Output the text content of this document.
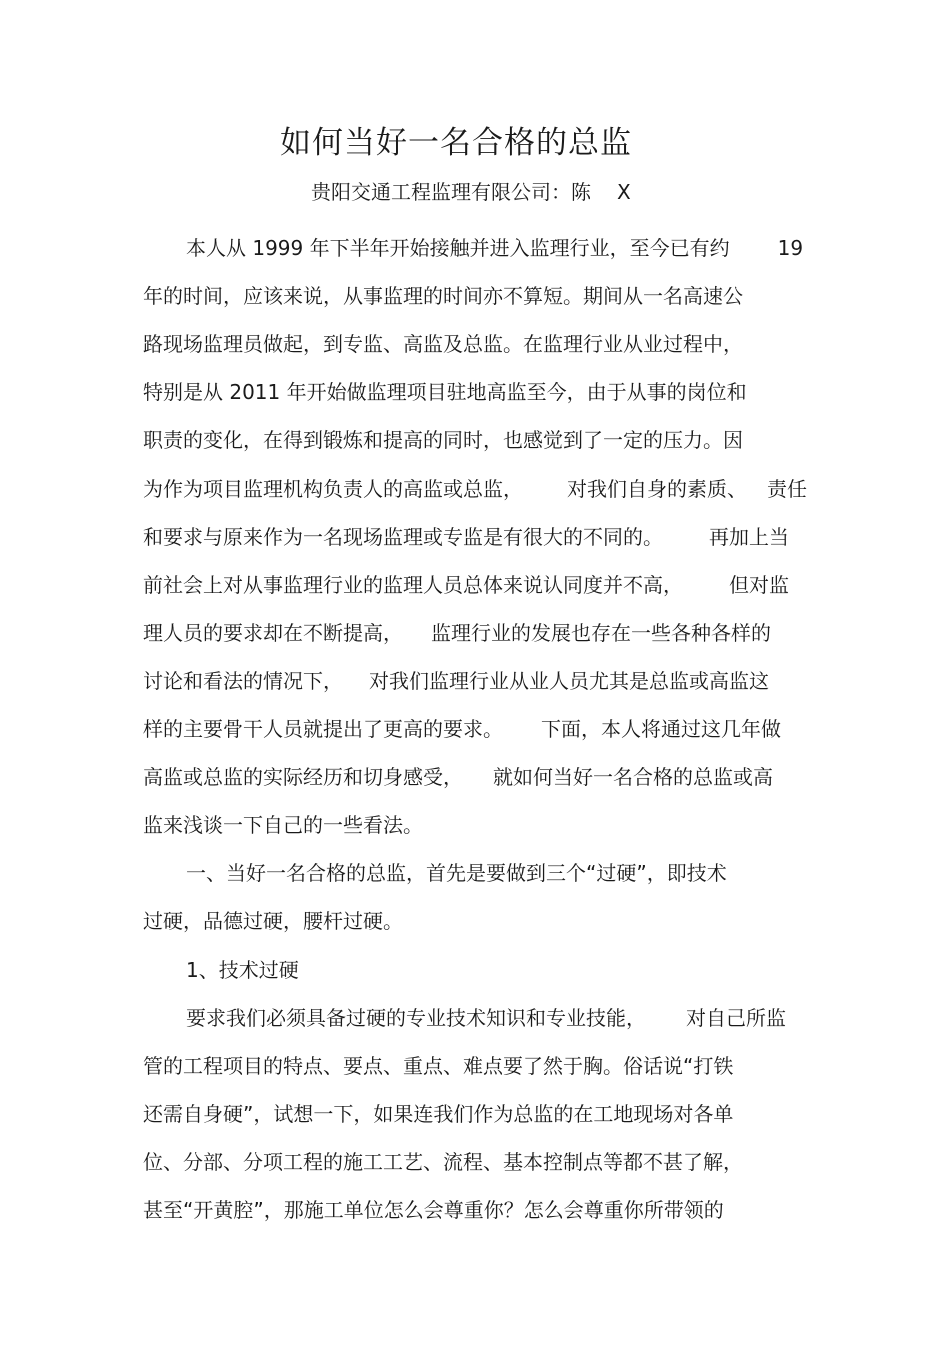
如何当好一名合格的总监
贵阳交通工程监理有限公司：陈 X
本人从 1999 年下半年开始接触并进入监理行业，至今已有约 19
年的时间，应该来说，从事监理的时间亦不算短。期间从一名高速公
路现场监理员做起，到专监、高监及总监。在监理行业从业过程中，
特别是从 2011 年开始做监理项目驻地高监至今，由于从事的岗位和
职责的变化，在得到锻炼和提高的同时，也感觉到了一定的压力。因
为作为项目监理机构负责人的高监或总监， 对我们自身的素质、 责任
和要求与原来作为一名现场监理或专监是有很大的不同的。 再加上当
前社会上对从事监理行业的监理人员总体来说认同度并不高， 但对监
理人员的要求却在不断提高， 监理行业的发展也存在一些各种各样的
讨论和看法的情况下， 对我们监理行业从业人员尤其是总监或高监这
样的主要骨干人员就提出了更高的要求。 下面，本人将通过这几年做
高监或总监的实际经历和切身感受， 就如何当好一名合格的总监或高
监来浅谈一下自己的一些看法。
一、当好一名合格的总监，首先是要做到三个“过硬”，即技术
过硬，品德过硬，腰杆过硬。
1、技术过硬
要求我们必须具备过硬的专业技术知识和专业技能， 对自己所监
管的工程项目的特点、要点、重点、难点要了然于胸。俗话说“打铁
还需自身硬”，试想一下，如果连我们作为总监的在工地现场对各单
位、分部、分项工程的施工工艺、流程、基本控制点等都不甚了解，
甚至“开黄腔”，那施工单位怎么会尊重你？怎么会尊重你所带领的
